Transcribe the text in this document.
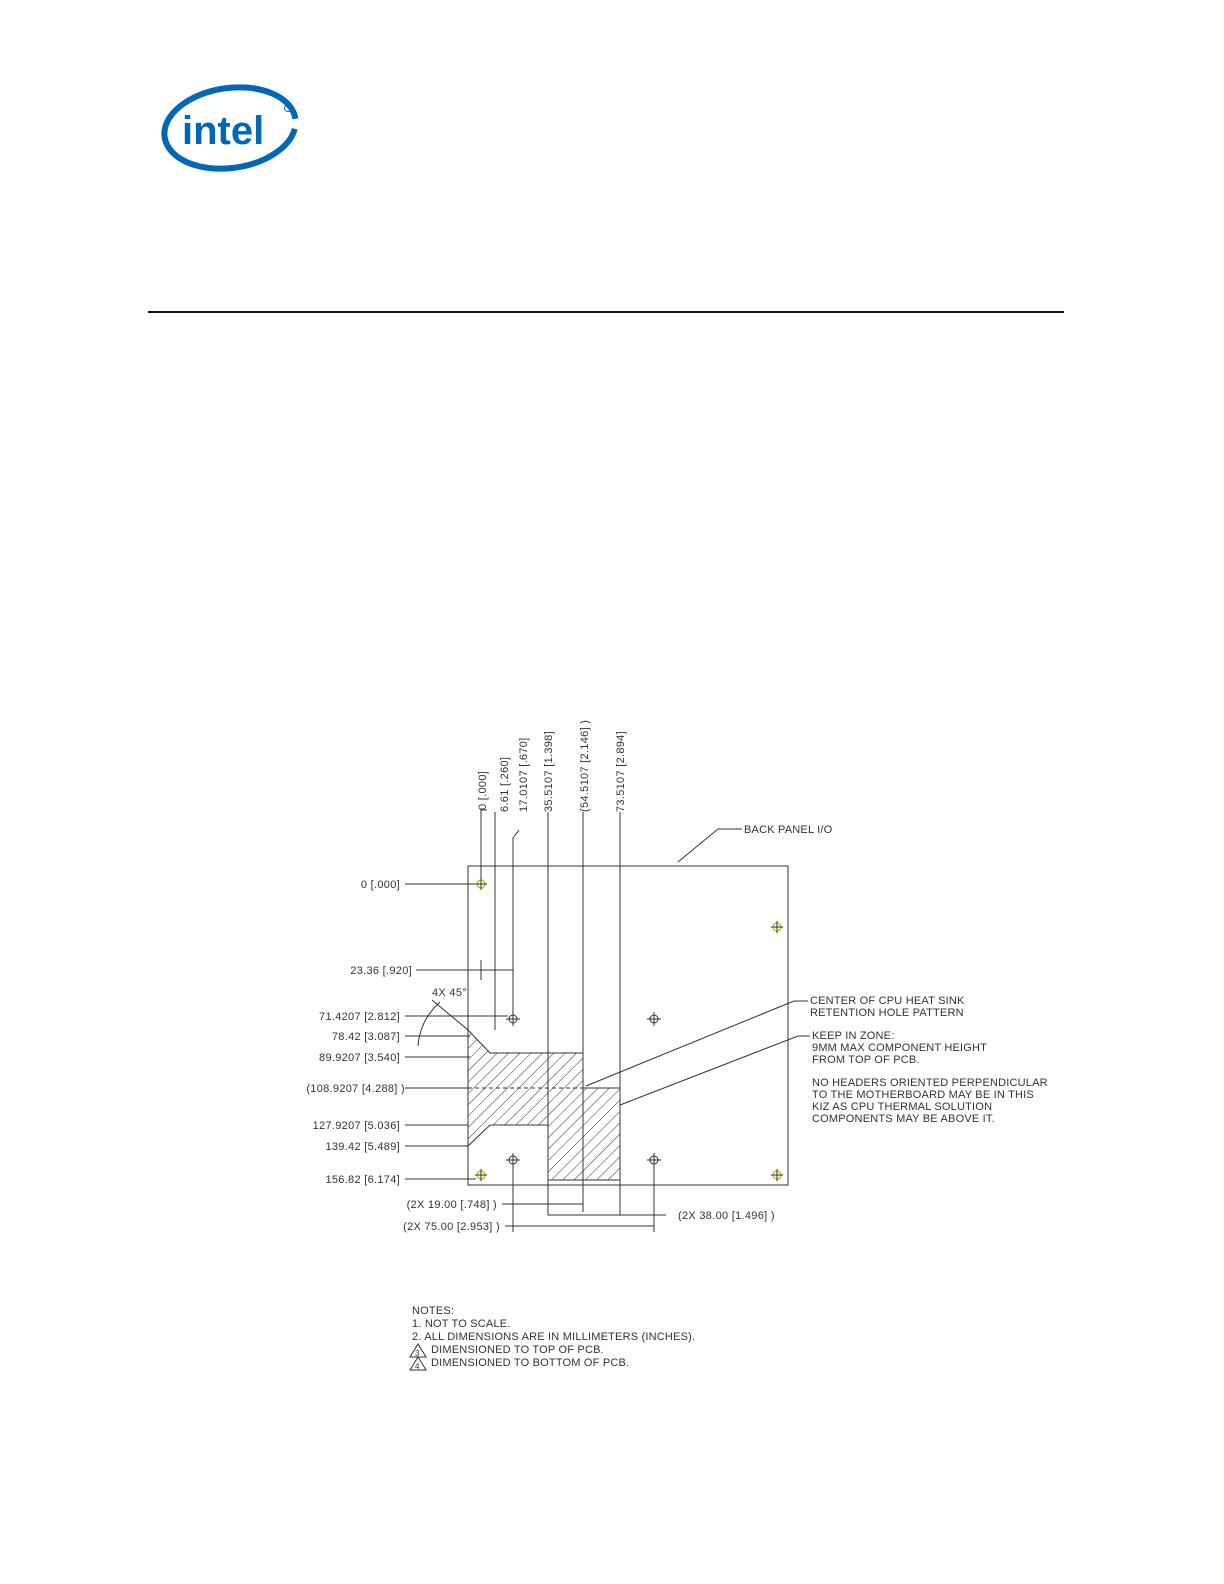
intel
0 [.000] 6.61 [.260] 17.0107 [.670] 35.5107 [1.398] (54.5107 [2.146] ) 73.5107 [2.894]
0 [.000]
23.36 [.920]
71.4207 [2.812]
78.42 [3.087]
89.9207 [3.540]
(108.9207 [4.288] )
127.9207 [5.036]
139.42 [5.489]
156.82 [6.174]
4X 45°
(2X 19.00 [.748] )
(2X 38.00 [1.496] )
(2X 75.00 [2.953] )
BACK PANEL I/O
CENTER OF CPU HEAT SINK
RETENTION HOLE PATTERN
KEEP IN ZONE:
9MM MAX COMPONENT HEIGHT
FROM TOP OF PCB.
NO HEADERS ORIENTED PERPENDICULAR
TO THE MOTHERBOARD MAY BE IN THIS
KIZ AS CPU THERMAL SOLUTION
COMPONENTS MAY BE ABOVE IT.
NOTES:
1. NOT TO SCALE.
2. ALL DIMENSIONS ARE IN MILLIMETERS (INCHES).
3 DIMENSIONED TO TOP OF PCB.
4 DIMENSIONED TO BOTTOM OF PCB.
